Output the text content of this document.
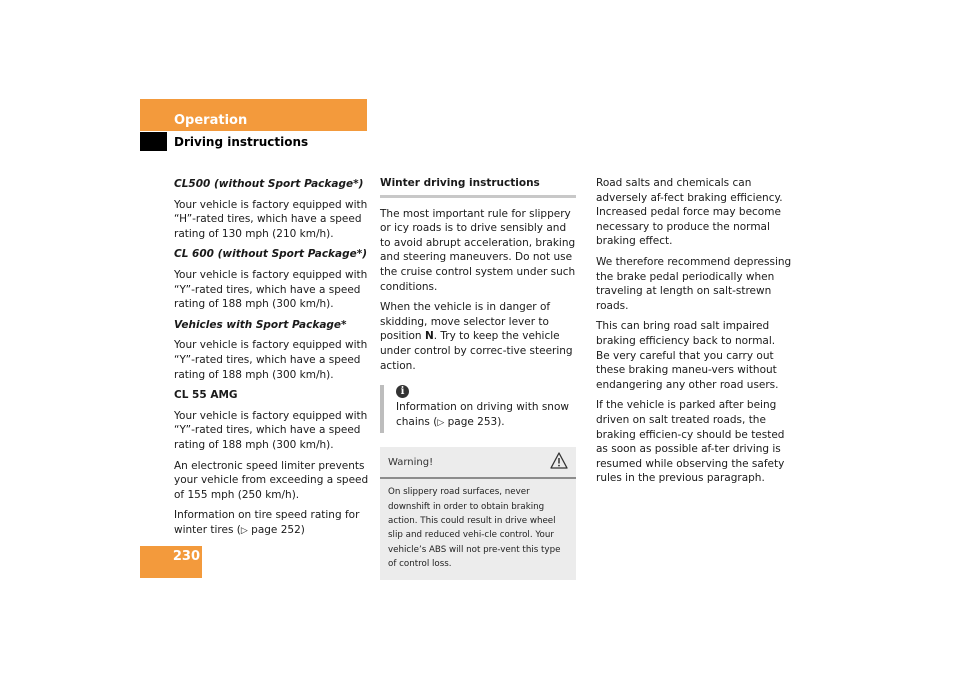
Operation
Driving instructions

CL500 (without Sport Package*)

Your vehicle is factory equipped with “H”-rated tires, which have a speed rating of 130 mph (210 km/h).

CL 600 (without Sport Package*)

Your vehicle is factory equipped with “Y”-rated tires, which have a speed rating of 188 mph (300 km/h).

Vehicles with Sport Package*

Your vehicle is factory equipped with “Y”-rated tires, which have a speed rating of 188 mph (300 km/h).

CL 55 AMG

Your vehicle is factory equipped with “Y”-rated tires, which have a speed rating of 188 mph (300 km/h).

An electronic speed limiter prevents your vehicle from exceeding a speed of 155 mph (250 km/h).

Information on tire speed rating for winter tires (▷ page 252)

Winter driving instructions

The most important rule for slippery or icy roads is to drive sensibly and to avoid abrupt acceleration, braking and steering maneuvers. Do not use the cruise control system under such conditions.

When the vehicle is in danger of skidding, move selector lever to position N. Try to keep the vehicle under control by correc-tive steering action.

i
Information on driving with snow chains (▷ page 253).
Warning!
On slippery road surfaces, never downshift in order to obtain braking action. This could result in drive wheel slip and reduced vehi-cle control. Your vehicle’s ABS will not pre-vent this type of control loss.

Road salts and chemicals can adversely af-fect braking efficiency. Increased pedal force may become necessary to produce the normal braking effect.

We therefore recommend depressing the brake pedal periodically when traveling at length on salt-strewn roads.

This can bring road salt impaired braking efficiency back to normal. Be very careful that you carry out these braking maneu-vers without endangering any other road users.

If the vehicle is parked after being driven on salt treated roads, the braking efficien-cy should be tested as soon as possible af-ter driving is resumed while observing the safety rules in the previous paragraph.

230
